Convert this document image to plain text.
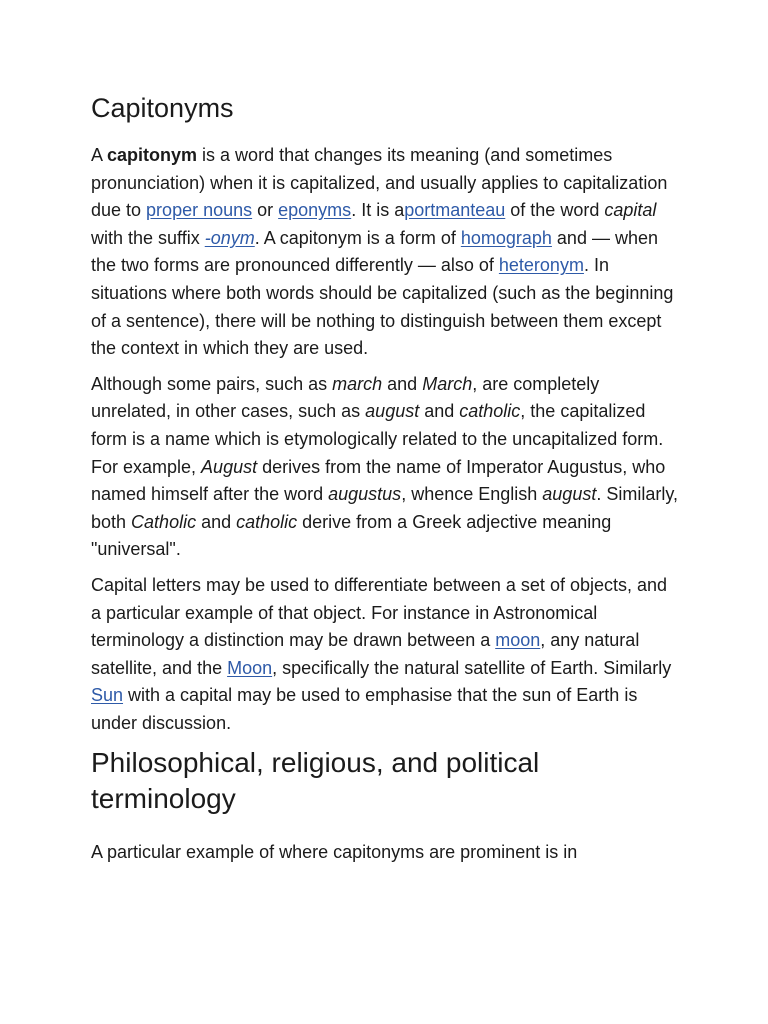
Capitonyms

A capitonym is a word that changes its meaning (and sometimes pronunciation) when it is capitalized, and usually applies to capitalization due to proper nouns or eponyms. It is aportmanteau of the word capital with the suffix -onym. A capitonym is a form of homograph and — when the two forms are pronounced differently — also of heteronym. In situations where both words should be capitalized (such as the beginning of a sentence), there will be nothing to distinguish between them except the context in which they are used.

Although some pairs, such as march and March, are completely unrelated, in other cases, such as august and catholic, the capitalized form is a name which is etymologically related to the uncapitalized form. For example, August derives from the name of Imperator Augustus, who named himself after the word augustus, whence English august. Similarly, both Catholic and catholic derive from a Greek adjective meaning "universal".

Capital letters may be used to differentiate between a set of objects, and a particular example of that object. For instance in Astronomical terminology a distinction may be drawn between a moon, any natural satellite, and the Moon, specifically the natural satellite of Earth. Similarly Sun with a capital may be used to emphasise that the sun of Earth is under discussion.

Philosophical, religious, and political terminology

A particular example of where capitonyms are prominent is in
